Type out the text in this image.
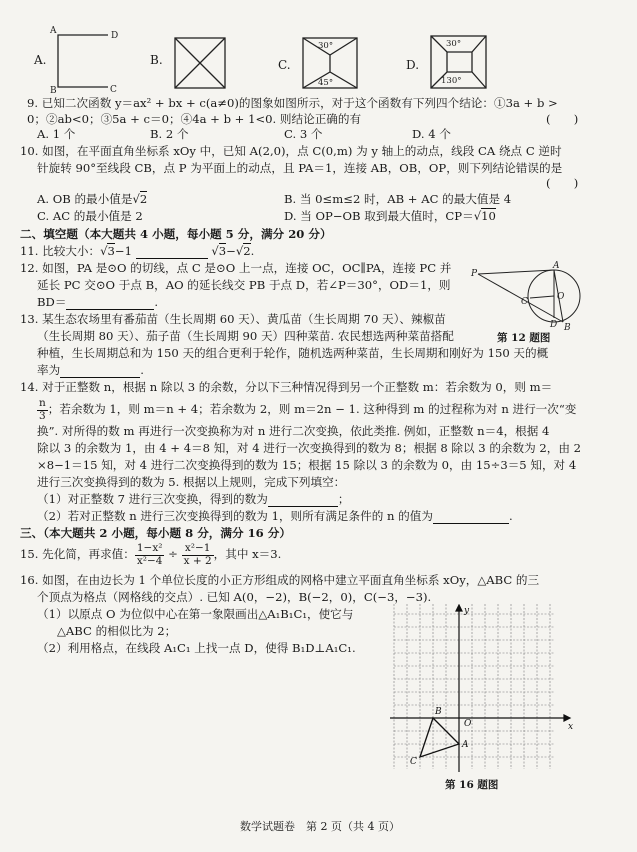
A.	B.	C.	D.
A	D
B	C
30°
45°
30°
130°
9. 已知二次函数 y＝ax² + bx + c(a≠0)的图象如图所示，对于这个函数有下列四个结论：①3a + b >
0；②ab<0；③5a + c＝0；④4a + b + 1<0. 则结论正确的有	(　　)
A. 1 个	B. 2 个	C. 3 个	D. 4 个
10. 如图，在平面直角坐标系 xOy 中，已知 A(2,0)，点 C(0,m) 为 y 轴上的动点，线段 CA 绕点 C 逆时
针旋转 90°至线段 CB，点 P 为平面上的动点，且 PA＝1，连接 AB，OB，OP，则下列结论错误的是
(　　)
A. OB 的最小值是√2	B. 当 0≤m≤2 时，AB + AC 的最大值是 4
C. AC 的最小值是 2	D. 当 OP−OB 取到最大值时，CP＝√10
二、填空题（本大题共 4 小题，每小题 5 分，满分 20 分）
11. 比较大小：√3−1	√3−√2.
12. 如图，PA 是⊙O 的切线，点 C 是⊙O 上一点，连接 OC，OC∥PA，连接 PC 并
延长 PC 交⊙O 于点 B，AO 的延长线交 PB 于点 D，若∠P＝30°，OD＝1，则
BD＝	.
P
A
O
C
D B
第 12 题图
13. 某生态农场里有番茄苗（生长周期 60 天）、黄瓜苗（生长周期 70 天）、辣椒苗
（生长周期 80 天）、茄子苗（生长周期 90 天）四种菜苗. 农民想选两种菜苗搭配
种植，生长周期总和为 150 天的组合更利于轮作，随机选两种菜苗，生长周期和刚好为 150 天的概
率为	.
14. 对于正整数 n，根据 n 除以 3 的余数，分以下三种情况得到另一个正整数 m：若余数为 0，则 m＝
$\frac{n}{3}$ ；若余数为 1，则 m＝n + 4；若余数为 2，则 m＝2n − 1. 这种得到 m 的过程称为对 n 进行一次“变
换”. 对所得的数 m 再进行一次变换称为对 n 进行二次变换，依此类推. 例如，正整数 n＝4，根据 4
除以 3 的余数为 1，由 4 + 4＝8 知，对 4 进行一次变换得到的数为 8；根据 8 除以 3 的余数为 2，由 2
×8−1＝15 知，对 4 进行二次变换得到的数为 15；根据 15 除以 3 的余数为 0，由 15÷3＝5 知，对 4
进行三次变换得到的数为 5. 根据以上规则，完成下列填空：
（1）对正整数 7 进行三次变换，得到的数为	；
（2）若对正整数 n 进行三次变换得到的数为 1，则所有满足条件的 n 的值为	.
三、（本大题共 2 小题，每小题 8 分，满分 16 分）
15. 先化简，再求值： $\frac{\text{1−x²}}{\text{x²−4}} \div \frac{\text{x²−1}}{x + 2}$ ，其中 x＝3.
16. 如图，在由边长为 1 个单位长度的小正方形组成的网格中建立平面直角坐标系 xOy，△ABC 的三
个顶点为格点（网格线的交点）. 已知 A(0，−2)，B(−2，0)，C(−3，−3).
（1）以原点 O 为位似中心在第一象限画出△A₁B₁C₁，使它与
△ABC 的相似比为 2；
（2）利用格点，在线段 A₁C₁ 上找一点 D，使得 B₁D⊥A₁C₁.
y
x
O
A
B
C
第 16 题图
数学试题卷　第 2 页（共 4 页）
